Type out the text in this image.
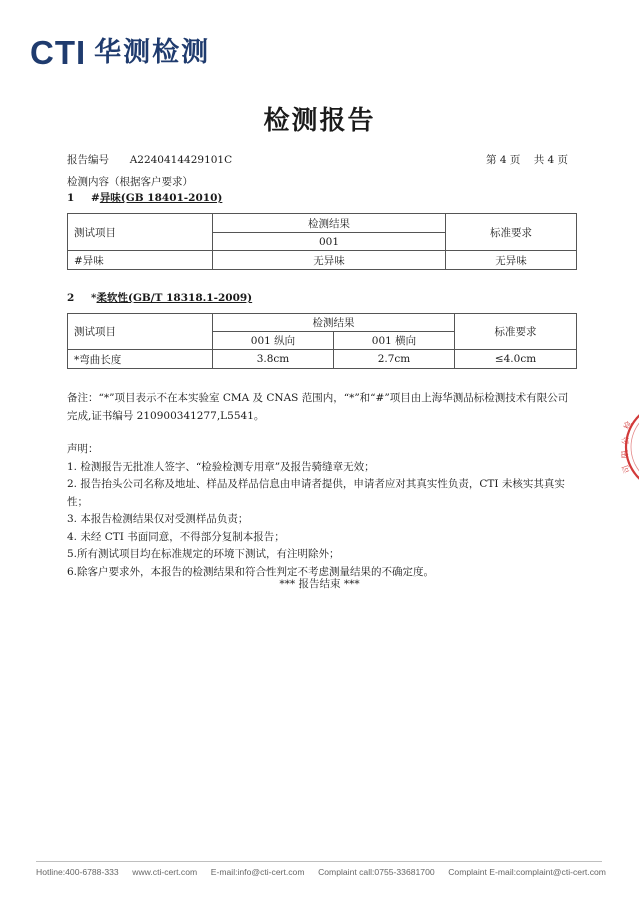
CTI 华测检测
检测报告
报告编号 A2240414429101C	第 4 页    共 4 页
检测内容（根据客户要求）
1 #异味(GB 18401-2010)
测试项目	检测结果	标准要求
	001	
#异味	无异味	无异味
2 *柔软性(GB/T 18318.1-2009)
测试项目	检测结果		标准要求
	001 纵向	001 横向	
*弯曲长度	3.8cm	2.7cm	≤4.0cm
备注：“*”项目表示不在本实验室 CMA 及 CNAS 范围内，“*”和“#”项目由上海华测品标检测技术有限公司完成,证书编号 210900341277,L5541。
声明：
1. 检测报告无批准人签字、“检验检测专用章”及报告骑缝章无效；
2. 报告抬头公司名称及地址、样品及样品信息由申请者提供，申请者应对其真实性负责，CTI 未核实其真实性；
3. 本报告检测结果仅对受测样品负责；
4. 未经 CTI 书面同意，不得部分复制本报告；
5.所有测试项目均在标准规定的环境下测试，有注明除外；
6.除客户要求外，本报告的检测结果和符合性判定不考虑测量结果的不确定度。
*** 报告结束 ***
检
公
限
司
Hotline:400-6788-333 www.cti-cert.com E-mail:info@cti-cert.com Complaint call:0755-33681700 Complaint E-mail:complaint@cti-cert.com
